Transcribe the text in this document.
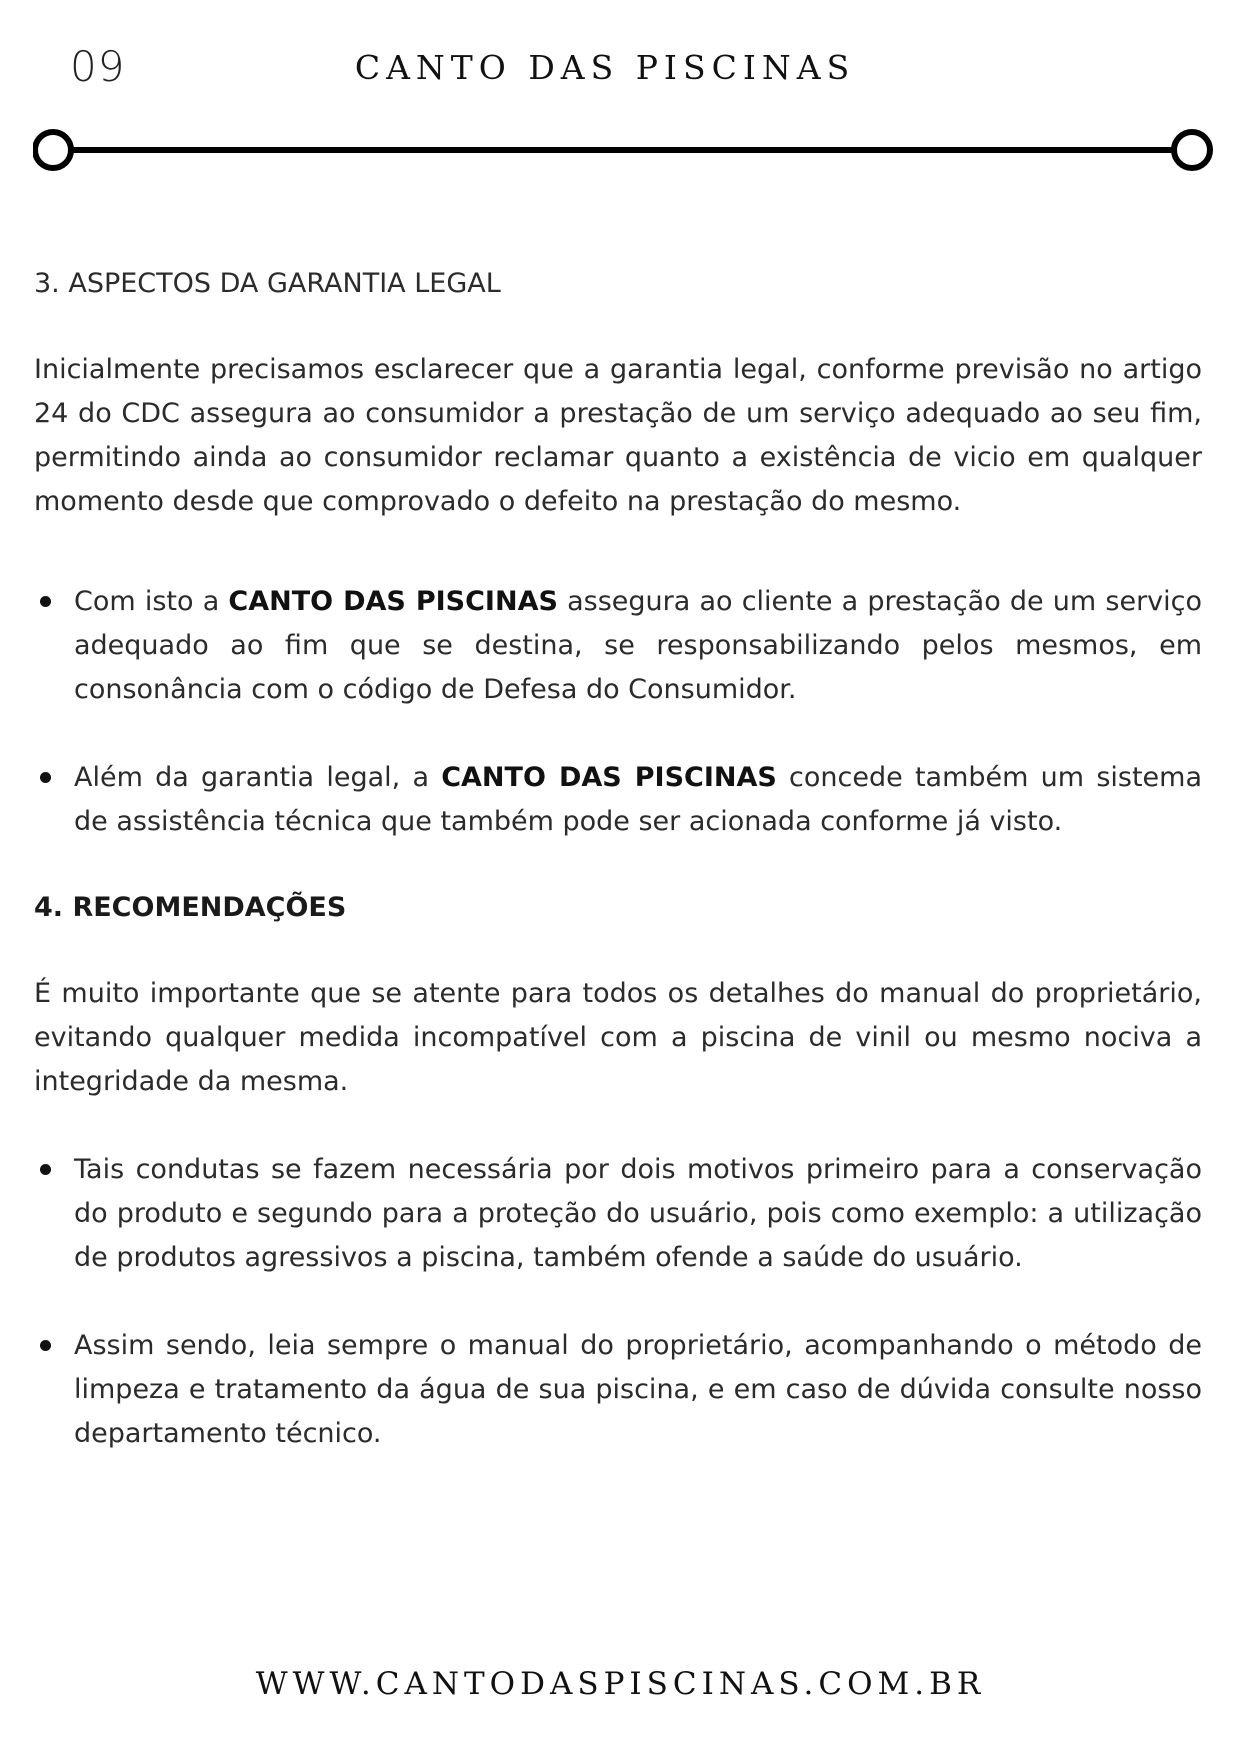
09	CANTO DAS PISCINAS
3. ASPECTOS DA GARANTIA LEGAL

Inicialmente precisamos esclarecer que a garantia legal, conforme previsão no artigo 24 do CDC assegura ao consumidor a prestação de um serviço adequado ao seu fim, permitindo ainda ao consumidor reclamar quanto a existência de vicio em qualquer momento desde que comprovado o defeito na prestação do mesmo.

Com isto a CANTO DAS PISCINAS assegura ao cliente a prestação de um serviço adequado ao fim que se destina, se responsabilizando pelos mesmos, em consonância com o código de Defesa do Consumidor.
Além da garantia legal, a CANTO DAS PISCINAS concede também um sistema de assistência técnica que também pode ser acionada conforme já visto.
4. RECOMENDAÇÕES

É muito importante que se atente para todos os detalhes do manual do proprietário, evitando qualquer medida incompatível com a piscina de vinil ou mesmo nociva a integridade da mesma.

Tais condutas se fazem necessária por dois motivos primeiro para a conservação do produto e segundo para a proteção do usuário, pois como exemplo: a utilização de produtos agressivos a piscina, também ofende a saúde do usuário.
Assim sendo, leia sempre o manual do proprietário, acompanhando o método de limpeza e tratamento da água de sua piscina, e em caso de dúvida consulte nosso departamento técnico.
WWW.CANTODASPISCINAS.COM.BR
